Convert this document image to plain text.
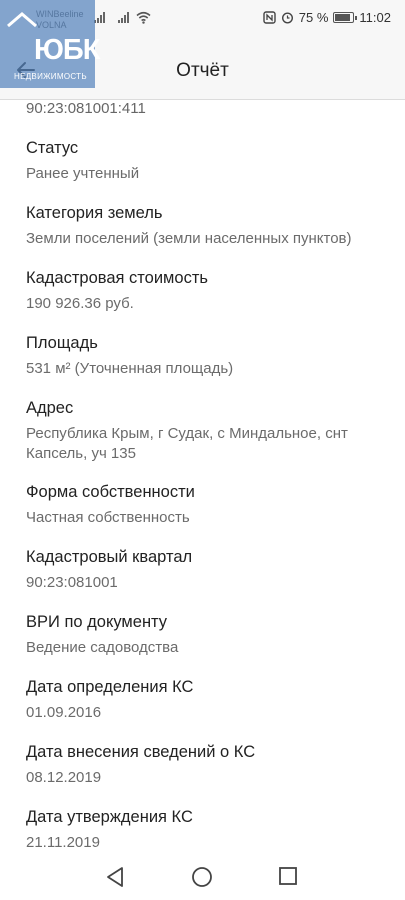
75 % 11:02
Отчёт
ЮБК
НЕДВИЖИМОСТЬ
90:23:081001:411
Статус
Ранее учтенный
Категория земель
Земли поселений (земли населенных пунктов)
Кадастровая стоимость
190 926.36 руб.
Площадь
531 м² (Уточненная площадь)
Адрес
Республика Крым, г Судак, с Миндальное, снт Капсель, уч 135
Форма собственности
Частная собственность
Кадастровый квартал
90:23:081001
ВРИ по документу
Ведение садоводства
Дата определения КС
01.09.2016
Дата внесения сведений о КС
08.12.2019
Дата утверждения КС
21.11.2019
